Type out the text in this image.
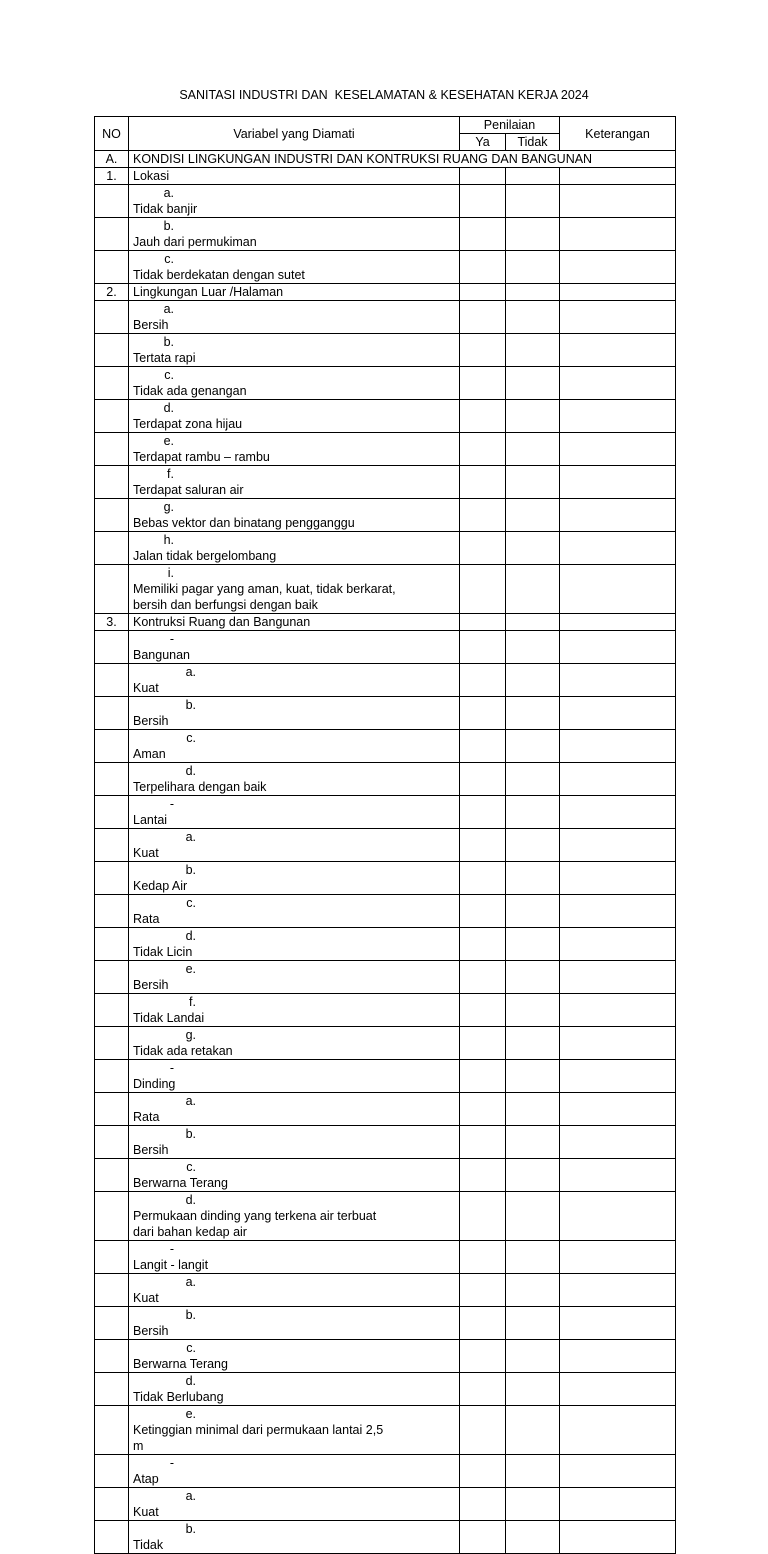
SANITASI INDUSTRI DAN  KESELAMATAN & KESEHATAN KERJA 2024
NO	Variabel yang Diamati	Penilaian		Keterangan
		Ya	Tidak	
A.	KONDISI LINGKUNGAN INDUSTRI DAN KONTRUKSI RUANG DAN BANGUNAN			
1.	Lokasi			
	a.Tidak banjir			
	b.Jauh dari permukiman			
	c.Tidak berdekatan dengan sutet			
2.	Lingkungan Luar /Halaman			
	a.Bersih			
	b.Tertata rapi			
	c.Tidak ada genangan			
	d.Terdapat zona hijau			
	e.Terdapat rambu – rambu			
	f.Terdapat saluran air			
	g.Bebas vektor dan binatang pengganggu			
	h.Jalan tidak bergelombang			
	i.Memiliki pagar yang aman, kuat, tidak berkarat, bersih dan berfungsi dengan baik			
3.	Kontruksi Ruang dan Bangunan			
	-Bangunan			
	a.Kuat			
	b.Bersih			
	c.Aman			
	d.Terpelihara dengan baik			
	-Lantai			
	a.Kuat			
	b.Kedap Air			
	c.Rata			
	d.Tidak Licin			
	e.Bersih			
	f.Tidak Landai			
	g.Tidak ada retakan			
	-Dinding			
	a.Rata			
	b.Bersih			
	c.Berwarna Terang			
	d.Permukaan dinding yang terkena air terbuat dari bahan kedap air			
	-Langit - langit			
	a.Kuat			
	b.Bersih			
	c.Berwarna Terang			
	d.Tidak Berlubang			
	e.Ketinggian minimal dari permukaan lantai 2,5 m			
	-Atap			
	a.Kuat			
	b.Tidak			
